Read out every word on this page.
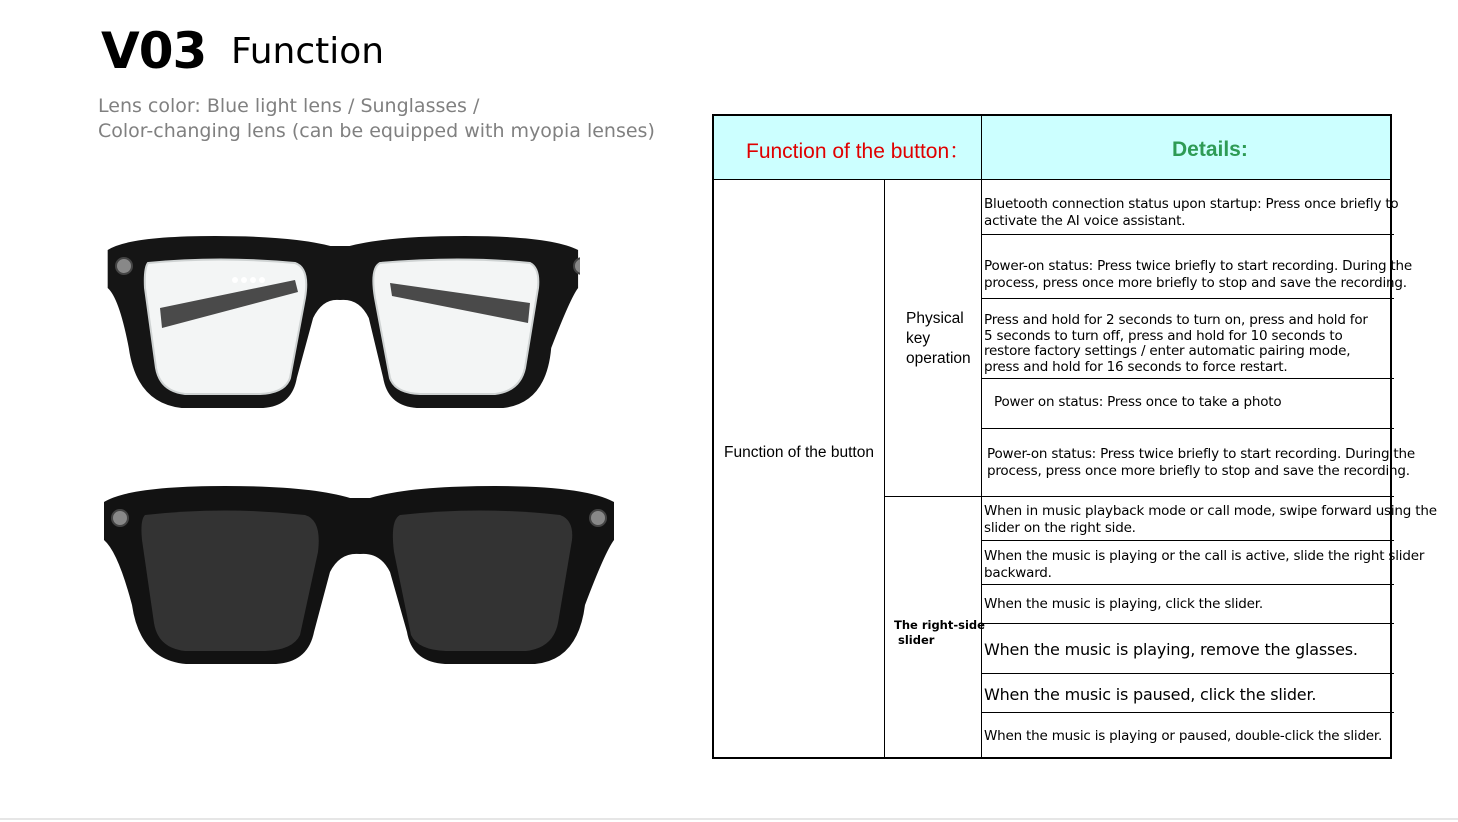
V03 Function
Lens color: Blue light lens / Sunglasses /
Color-changing lens (can be equipped with myopia lenses)
Function of the button：	Details:
Function of the button
Physical
key
operation
The right-side
slider
Bluetooth connection status upon startup: Press once briefly to
activate the AI voice assistant.
Power-on status: Press twice briefly to start recording. During the
process, press once more briefly to stop and save the recording.
Press and hold for 2 seconds to turn on, press and hold for
5 seconds to turn off, press and hold for 10 seconds to
restore factory settings / enter automatic pairing mode,
press and hold for 16 seconds to force restart.
Power on status: Press once to take a photo
Power-on status: Press twice briefly to start recording. During the
process, press once more briefly to stop and save the recording.
When in music playback mode or call mode, swipe forward using the
slider on the right side.
When the music is playing or the call is active, slide the right slider
backward.
When the music is playing, click the slider.
When the music is playing, remove the glasses.
When the music is paused, click the slider.
When the music is playing or paused, double-click the slider.
